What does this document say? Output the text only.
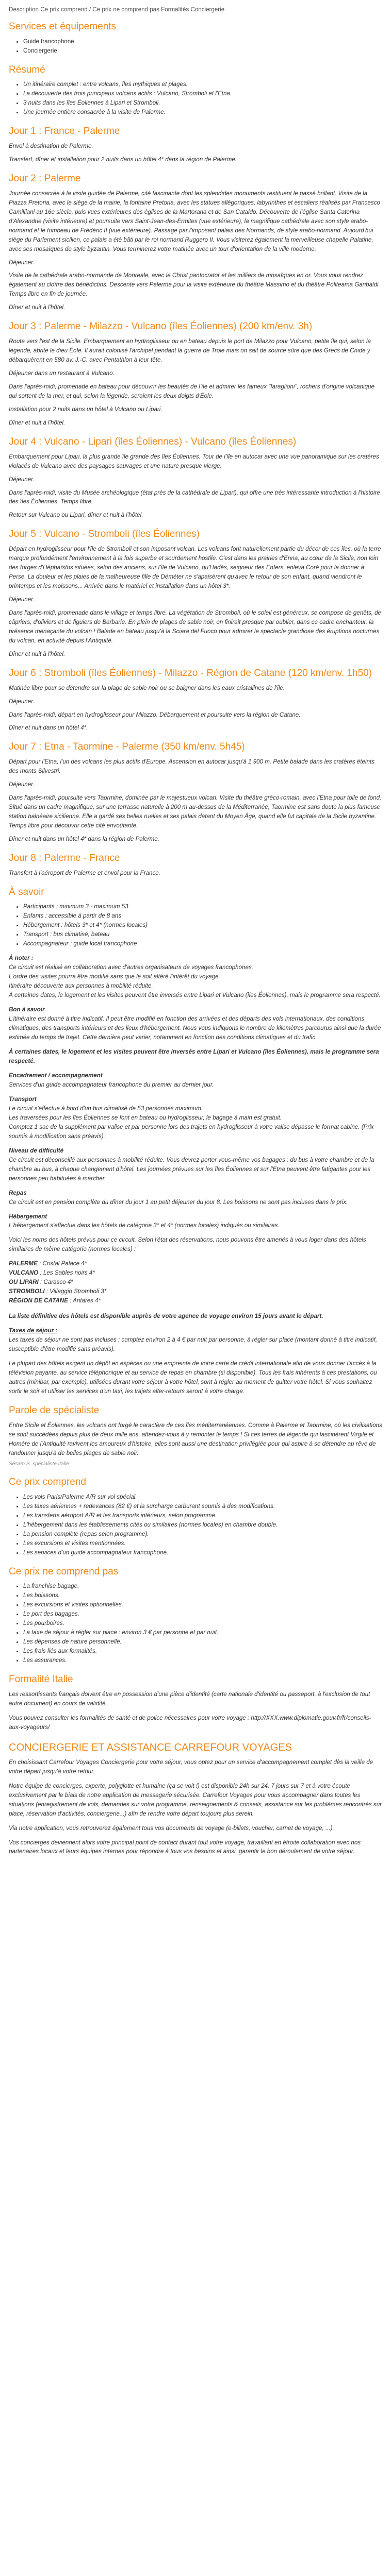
Description Ce prix comprend / Ce prix ne comprend pas Formalités Conciergerie

Services et équipements
• Guide francophone
• Conciergerie
Résumé
• Un itinéraire complet : entre volcans, îles mythiques et plages.
• La découverte des trois principaux volcans actifs : Vulcano, Stromboli et l'Etna.
• 3 nuits dans les îles Éoliennes à Lipari et Stromboli.
• Une journée entière consacrée à la visite de Palerme.
Jour 1 : France - Palerme

Envol à destination de Palerme.

Transfert, dîner et installation pour 2 nuits dans un hôtel 4* dans la région de Palerme.

Jour 2 : Palerme

Journée consacrée à la visite guidée de Palerme, cité fascinante dont les splendides monuments restituent le passé brillant. Visite de la Piazza Pretoria, avec le siège de la mairie, la fontaine Pretoria, avec les statues allégoriques, labyrinthes et escaliers réalisés par Francesco Camilliani au 16e siècle, puis vues extérieures des églises de la Martorana et de San Cataldo. Découverte de l'église Santa Caterina d'Alexandrie (visite intérieure) et poursuite vers Saint-Jean-des-Ermites (vue extérieure), la magnifique cathédrale avec son style arabo-normand et le tombeau de Frédéric II (vue extérieure). Passage par l'imposant palais des Normands, de style arabo-normand. Aujourd'hui siège du Parlement sicilien, ce palais a été bâti par le roi normand Ruggero II. Vous visiterez également la merveilleuse chapelle Palatine, avec ses mosaïques de style byzantin. Vous terminerez votre matinée avec un tour d'orientation de la ville moderne.

Déjeuner.

Visite de la cathédrale arabo-normande de Monreale, avec le Christ pantocrator et les milliers de mosaïques en or. Vous vous rendrez également au cloître des bénédictins. Descente vers Palerme pour la visite extérieure du théâtre Massimo et du théâtre Politeama Garibaldi. Temps libre en fin de journée.

Dîner et nuit à l'hôtel.

Jour 3 : Palerme - Milazzo - Vulcano (îles Éoliennes) (200 km/env. 3h)

Route vers l'est de la Sicile. Embarquement en hydroglisseur ou en bateau depuis le port de Milazzo pour Vulcano, petite île qui, selon la légende, abrite le dieu Éole. Il aurait colonisé l'archipel pendant la guerre de Troie mais on sait de source sûre que des Grecs de Cnide y débarquèrent en 580 av. J.-C. avec Pentathlon à leur tête.

Déjeuner dans un restaurant à Vulcano.

Dans l'après-midi, promenade en bateau pour découvrir les beautés de l'île et admirer les fameux "faraglioni", rochers d'origine volcanique qui sortent de la mer, et qui, selon la légende, seraient les deux doigts d'Éole.

Installation pour 2 nuits dans un hôtel à Vulcano ou Lipari.

Dîner et nuit à l'hôtel.

Jour 4 : Vulcano - Lipari (îles Éoliennes) - Vulcano (îles Éoliennes)

Embarquement pour Lipari, la plus grande île grande des îles Éoliennes. Tour de l'île en autocar avec une vue panoramique sur les cratères violacés de Vulcano avec des paysages sauvages et une nature presque vierge.

Déjeuner.

Dans l'après-midi, visite du Musée archéologique (état près de la cathédrale de Lipari), qui offre une très intéressante introduction à l'histoire des îles Éoliennes. Temps libre.

Retour sur Vulcano ou Lipari, dîner et nuit à l'hôtel.

Jour 5 : Vulcano - Stromboli (îles Éoliennes)

Départ en hydroglisseur pour l'île de Stromboli et son imposant volcan. Les volcans font naturellement partie du décor de ces îles, où la terre marque profondément l'environnement à la fois superbe et sourdement hostile. C'est dans les prairies d'Enna, au cœur de la Sicile, non loin des forges d'Héphaïstos situées, selon des anciens, sur l'île de Vulcano, qu'Hadès, seigneur des Enfers, enleva Coré pour la donner à Perse. La douleur et les plaies de la malheureuse fille de Déméter ne s'apaisèrent qu'avec le retour de son enfant, quand viendront le printemps et les moissons... Arrivée dans le matériel et installation dans un hôtel 3*.

Déjeuner.

Dans l'après-midi, promenade dans le village et temps libre. La végétation de Stromboli, où le soleil est généreux, se compose de genêts, de câpriers, d'oliviers et de figuiers de Barbarie. En plein de plages de sable noir, on finirait presque par oublier, dans ce cadre enchanteur, la présence menaçante du volcan ! Balade en bateau jusqu'à la Sciara del Fuoco pour admirer le spectacle grandiose des éruptions nocturnes du volcan, en activité depuis l'Antiquité.

Dîner et nuit à l'hôtel.

Jour 6 : Stromboli (îles Éoliennes) - Milazzo - Région de Catane (120 km/env. 1h50)

Matinée libre pour se détendre sur la plage de sable noir ou se baigner dans les eaux cristallines de l'île.

Déjeuner.

Dans l'après-midi, départ en hydroglisseur pour Milazzo. Débarquement et poursuite vers la région de Catane.

Dîner et nuit dans un hôtel 4*.

Jour 7 : Etna - Taormine - Palerme (350 km/env. 5h45)

Départ pour l'Etna, l'un des volcans les plus actifs d'Europe. Ascension en autocar jusqu'à 1 900 m. Petite balade dans les cratères éteints des monts Silvestri.

Déjeuner.

Dans l'après-midi, poursuite vers Taormine, dominée par le majestueux volcan. Visite du théâtre gréco-romain, avec l'Etna pour toile de fond. Situé dans un cadre magnifique, sur une terrasse naturelle à 200 m au-dessus de la Méditerranée, Taormine est sans doute la plus fameuse station balnéaire sicilienne. Elle a gardé ses belles ruelles et ses palais datant du Moyen Âge, quand elle fut capitale de la Sicile byzantine. Temps libre pour découvrir cette cité envoûtante.

Dîner et nuit dans un hôtel 4* dans la région de Palerme.

Jour 8 : Palerme - France

Transfert à l'aéroport de Palerme et envol pour la France.

À savoir
• Participants : minimum 3 - maximum 53
• Enfants : accessible à partir de 8 ans
• Hébergement : hôtels 3* et 4* (normes locales)
• Transport : bus climatisé, bateau
• Accompagnateur : guide local francophone
À noter :

Ce circuit est réalisé en collaboration avec d'autres organisateurs de voyages francophones.

L'ordre des visites pourra être modifié sans que le soit altéré l'intérêt du voyage.

Itinéraire découverte aux personnes à mobilité réduite.

À certaines dates, le logement et les visites peuvent être inversés entre Lipari et Vulcano (îles Éoliennes), mais le programme sera respecté.

Bon à savoir

L'itinéraire est donné à titre indicatif. Il peut être modifié en fonction des arrivées et des départs des vols internationaux, des conditions climatiques, des transports intérieurs et des lieux d'hébergement. Nous vous indiquons le nombre de kilomètres parcourus ainsi que la durée estimée du temps de trajet. Cette dernière peut varier, notamment en fonction des conditions climatiques et du trafic.

À certaines dates, le logement et les visites peuvent être inversés entre Lipari et Vulcano (îles Éoliennes), mais le programme sera respecté.

Encadrement / accompagnement

Services d'un guide accompagnateur francophone du premier au dernier jour.

Transport

Le circuit s'effectue à bord d'un bus climatisé de 53 personnes maximum.

Les traversées pour les îles Éoliennes se font en bateau ou hydroglisseur, le bagage à main est gratuit.

Comptez 1 sac de la supplément par valise et par personne lors des trajets en hydroglisseur à votre valise dépasse le format cabine. (Prix soumis à modification sans préavis).

Niveau de difficulté

Ce circuit est déconseillé aux personnes à mobilité réduite. Vous devrez porter vous-même vos bagages : du bus à votre chambre et de la chambre au bus, à chaque changement d'hôtel. Les journées prévues sur les îles Éoliennes et sur l'Etna peuvent être fatigantes pour les personnes peu habituées à marcher.

Repas

Ce circuit est en pension complète du dîner du jour 1 au petit déjeuner du jour 8. Les boissons ne sont pas incluses dans le prix.

Hébergement

L'hébergement s'effectue dans les hôtels de catégorie 3* et 4* (normes locales) indiqués ou similaires.

Voici les noms des hôtels prévus pour ce circuit. Selon l'état des réservations, nous pouvons être amenés à vous loger dans des hôtels similaires de même catégorie (normes locales) :

PALERME : Cristal Palace 4*
VULCANO : Les Sables noirs 4*
OU LIPARI : Carasco 4*
STROMBOLI : Villaggio Stromboli 3*
RÉGION DE CATANE : Antares 4*

La liste définitive des hôtels est disponible auprès de votre agence de voyage environ 15 jours avant le départ.

Taxes de séjour :

Les taxes de séjour ne sont pas incluses : comptez environ 2 à 4 € par nuit par personne, à régler sur place (montant donné à titre indicatif, susceptible d'être modifié sans préavis).

Le plupart des hôtels exigent un dépôt en espèces ou une empreinte de votre carte de crédit internationale afin de vous donner l'accès à la télévision payante, au service téléphonique et au service de repas en chambre (si disponible). Tous les frais inhérents à ces prestations, ou autres (minibar, par exemple), utilisées durant votre séjour à votre hôtel, sont à régler au moment de quitter votre hôtel. Si vous souhaitez sortir le soir et utiliser les services d'un taxi, les trajets alter-retours seront à votre charge.

Parole de spécialiste

Entre Sicile et Éoliennes, les volcans ont forgé le caractère de ces îles méditerranéennes. Comme à Palerme et Taormine, où les civilisations se sont succédées depuis plus de deux mille ans, attendez-vous à y remonter le temps ! Si ces terres de légende qui fascinèrent Virgile et Homère de l'Antiquité ravivent les amoureux d'histoire, elles sont aussi une destination privilégiée pour qui aspire à se détendre au rêve de randonner jusqu'à de belles plages de sable noir.

Sésam S. spécialiste Italie

Ce prix comprend
• Les vols Paris/Palerme A/R sur vol spécial.
• Les taxes aériennes + redevances (82 €) et la surcharge carburant soumis à des modifications.
• Les transferts aéroport A/R et les transports intérieurs, selon programme.
• L'hébergement dans les établissements cités ou similaires (normes locales) en chambre double.
• La pension complète (repas selon programme).
• Les excursions et visites mentionnées.
• Les services d'un guide accompagnateur francophone.
Ce prix ne comprend pas
• La franchise bagage.
• Les boissons.
• Les excursions et visites optionnelles.
• Le port des bagages.
• Les pourboires.
• La taxe de séjour à régler sur place : environ 3 € par personne et par nuit.
• Les dépenses de nature personnelle.
• Les frais liés aux formalités.
• Les assurances.
Formalité Italie

Les ressortissants français doivent être en possession d'une pièce d'identité (carte nationale d'identité ou passeport, à l'exclusion de tout autre document) en cours de validité.

Vous pouvez consulter les formalités de santé et de police nécessaires pour votre voyage : http://XXX.www.diplomatie.gouv.fr/fr/conseils-aux-voyageurs/

CONCIERGERIE ET ASSISTANCE CARREFOUR VOYAGES

En choisissant Carrefour Voyages Conciergerie pour votre séjour, vous optez pour un service d'accompagnement complet dès la veille de votre départ jusqu'à votre retour.

Notre équipe de concierges, experte, polyglotte et humaine (ça se voit !) est disponible 24h sur 24, 7 jours sur 7 et à votre écoute exclusivement par le biais de notre application de messagerie sécurisée. Carrefour Voyages pour vous accompagner dans toutes les situations (enregistrement de vols, demandes sur votre programme, renseignements & conseils, assistance sur les problèmes rencontrés sur place, réservation d'activités, conciergerie...) afin de rendre votre départ toujours plus serein.

Via notre application, vous retrouverez également tous vos documents de voyage (e-billets, voucher, carnet de voyage, ...).

Vos concierges deviennent alors votre principal point de contact durant tout votre voyage, travaillant en étroite collaboration avec nos partenaires locaux et leurs équipes internes pour répondre à tous vos besoins et ainsi, garantir le bon déroulement de votre séjour.
